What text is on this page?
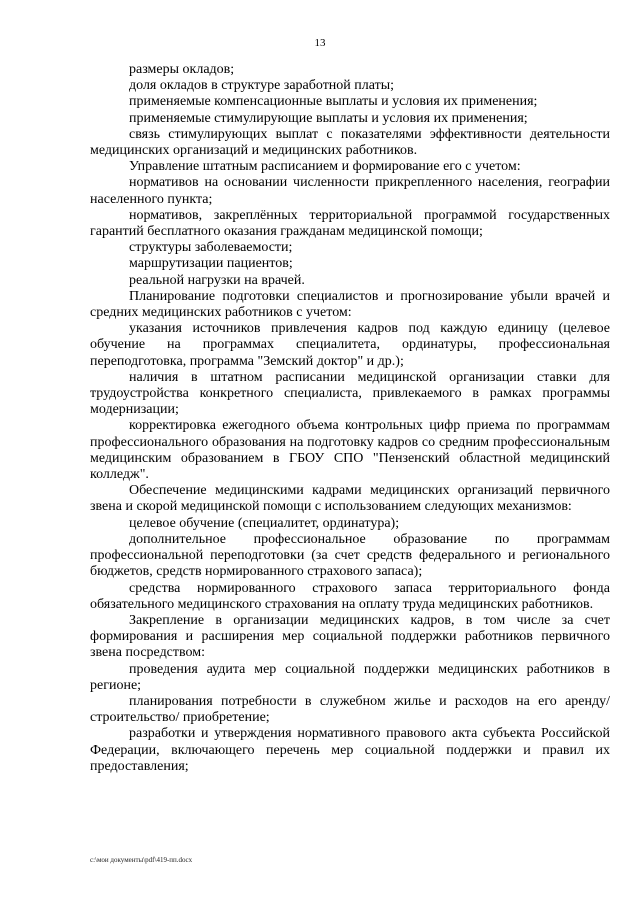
13

размеры окладов;

доля окладов в структуре заработной платы;

применяемые компенсационные выплаты и условия их применения;

применяемые стимулирующие выплаты и условия их применения;

связь стимулирующих выплат с показателями эффективности деятельности медицинских организаций и медицинских работников.

Управление штатным расписанием и формирование его с учетом:

нормативов на основании численности прикрепленного населения, географии населенного пункта;

нормативов, закреплённых территориальной программой государственных гарантий бесплатного оказания гражданам медицинской помощи;

структуры заболеваемости;

маршрутизации пациентов;

реальной нагрузки на врачей.

Планирование подготовки специалистов и прогнозирование убыли врачей и средних медицинских работников с учетом:

указания источников привлечения кадров под каждую единицу (целевое обучение на программах специалитета, ординатуры, профессиональная переподготовка, программа "Земский доктор" и др.);

наличия в штатном расписании медицинской организации ставки для трудоустройства конкретного специалиста, привлекаемого в рамках программы модернизации;

корректировка ежегодного объема контрольных цифр приема по программам профессионального образования на подготовку кадров со средним профессиональным медицинским образованием в ГБОУ СПО "Пензенский областной медицинский колледж".

Обеспечение медицинскими кадрами медицинских организаций первичного звена и скорой медицинской помощи с использованием следующих механизмов:

целевое обучение (специалитет, ординатура);

дополнительное профессиональное образование по программам профессиональной переподготовки (за счет средств федерального и регионального бюджетов, средств нормированного страхового запаса);

средства нормированного страхового запаса территориального фонда обязательного медицинского страхования на оплату труда медицинских работников.

Закрепление в организации медицинских кадров, в том числе за счет формирования и расширения мер социальной поддержки работников первичного звена посредством:

проведения аудита мер социальной поддержки медицинских работников в регионе;

планирования потребности в служебном жилье и расходов на его аренду/ строительство/ приобретение;

разработки и утверждения нормативного правового акта субъекта Российской Федерации, включающего перечень мер социальной поддержки и правил их предоставления;

c:\мои документы\pdf\419-пп.docx
